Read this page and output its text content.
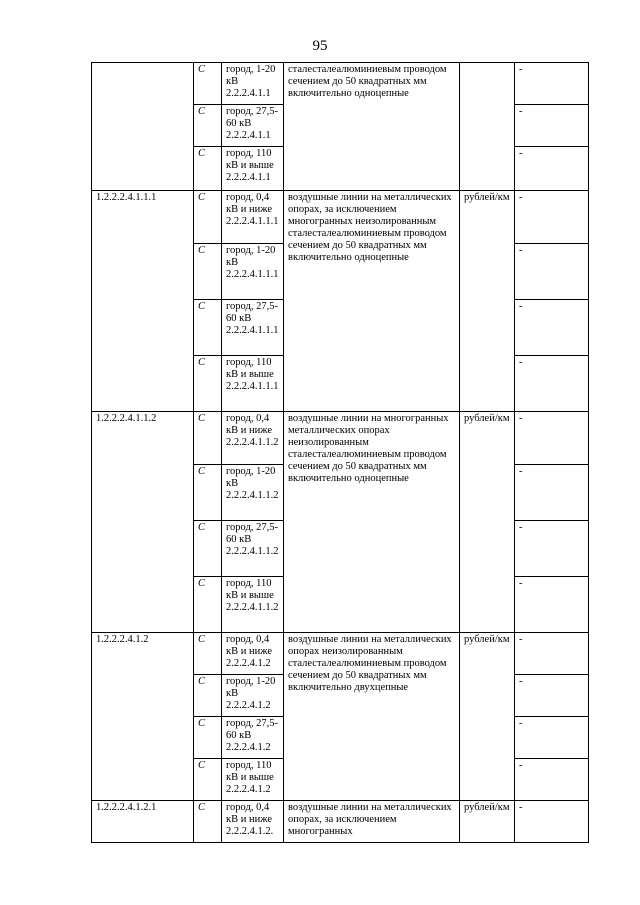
95
	C	город, 1-20 кВ 2.2.2.4.1.1	сталесталеалюминиевым проводом сечением до 50 квадратных мм включительно одноцепные		-
	C	город, 27,5-60 кВ 2.2.2.4.1.1			-
	C	город, 110 кВ и выше 2.2.2.4.1.1			-
1.2.2.2.4.1.1.1	C	город, 0,4 кВ и ниже 2.2.2.4.1.1.1	воздушные линии на металлических опорах, за исключением многогранных неизолированным сталесталеалюминиевым проводом сечением до 50 квадратных мм включительно одноцепные	рублей/км	-
	C	город, 1-20 кВ 2.2.2.4.1.1.1			-
	C	город, 27,5-60 кВ 2.2.2.4.1.1.1			-
	C	город, 110 кВ и выше 2.2.2.4.1.1.1			-
1.2.2.2.4.1.1.2	C	город, 0,4 кВ и ниже 2.2.2.4.1.1.2	воздушные линии на многогранных металлических опорах неизолированным сталесталеалюминиевым проводом сечением до 50 квадратных мм включительно одноцепные	рублей/км	-
	C	город, 1-20 кВ 2.2.2.4.1.1.2			-
	C	город, 27,5-60 кВ 2.2.2.4.1.1.2			-
	C	город, 110 кВ и выше 2.2.2.4.1.1.2			-
1.2.2.2.4.1.2	C	город, 0,4 кВ и ниже 2.2.2.4.1.2	воздушные линии на металлических опорах неизолированным сталесталеалюминиевым проводом сечением до 50 квадратных мм включительно двухцепные	рублей/км	-
	C	город, 1-20 кВ 2.2.2.4.1.2			-
	C	город, 27,5-60 кВ 2.2.2.4.1.2			-
	C	город, 110 кВ и выше 2.2.2.4.1.2			-
1.2.2.2.4.1.2.1	C	город, 0,4 кВ и ниже 2.2.2.4.1.2.	воздушные линии на металлических опорах, за исключением многогранных	рублей/км	-
